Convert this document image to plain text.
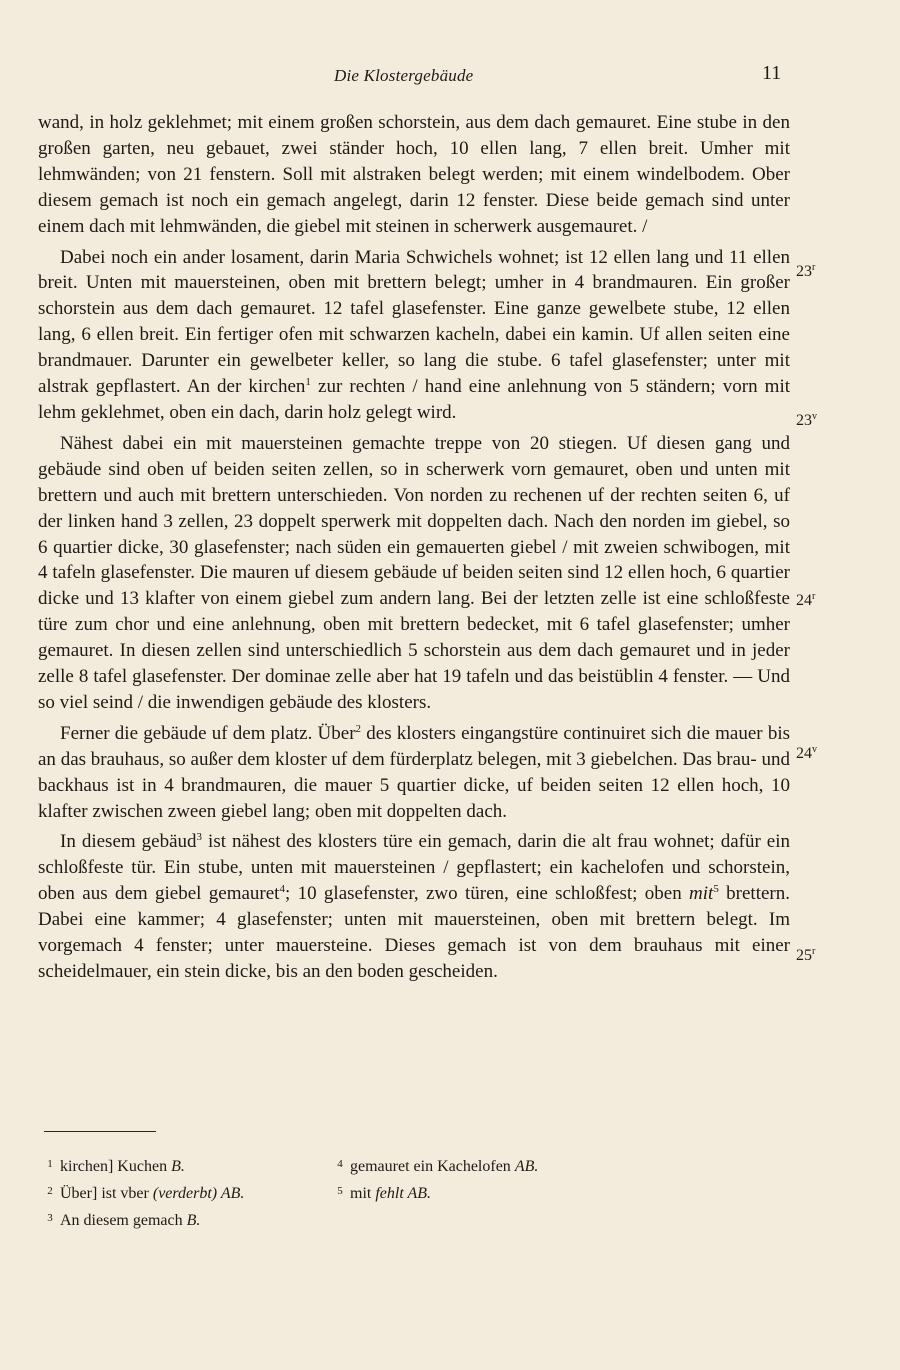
Die Klostergebäude	11

wand, in holz geklehmet; mit einem großen schorstein, aus dem dach gemauret. Eine stube in den großen garten, neu gebauet, zwei ständer hoch, 10 ellen lang, 7 ellen breit. Umher mit lehmwänden; von 21 fenstern. Soll mit alstraken belegt werden; mit einem windelbodem. Ober diesem gemach ist noch ein gemach angelegt, darin 12 fenster. Diese beide gemach sind unter einem dach mit lehmwänden, die giebel mit steinen in scherwerk ausgemauret. /

Dabei noch ein ander losament, darin Maria Schwichels wohnet; ist 12 ellen lang und 11 ellen breit. Unten mit mauersteinen, oben mit brettern belegt; umher in 4 brandmauren. Ein großer schorstein aus dem dach gemauret. 12 tafel glasefenster. Eine ganze gewelbete stube, 12 ellen lang, 6 ellen breit. Ein fertiger ofen mit schwarzen kacheln, dabei ein kamin. Uf allen seiten eine brandmauer. Darunter ein gewelbeter keller, so lang die stube. 6 tafel glasefenster; unter mit alstrak gepflastert. An der kirchen$^1$ zur rechten / hand eine anlehnung von 5 ständern; vorn mit lehm geklehmet, oben ein dach, darin holz gelegt wird.

Nähest dabei ein mit mauersteinen gemachte treppe von 20 stiegen. Uf diesen gang und gebäude sind oben uf beiden seiten zellen, so in scherwerk vorn gemauret, oben und unten mit brettern und auch mit brettern unterschieden. Von norden zu rechenen uf der rechten seiten 6, uf der linken hand 3 zellen, 23 doppelt sperwerk mit doppelten dach. Nach den norden im giebel, so 6 quartier dicke, 30 glasefenster; nach süden ein gemauerten giebel / mit zweien schwibogen, mit 4 tafeln glasefenster. Die mauren uf diesem gebäude uf beiden seiten sind 12 ellen hoch, 6 quartier dicke und 13 klafter von einem giebel zum andern lang. Bei der letzten zelle ist eine schloßfeste türe zum chor und eine anlehnung, oben mit brettern bedecket, mit 6 tafel glasefenster; umher gemauret. In diesen zellen sind unterschiedlich 5 schorstein aus dem dach gemauret und in jeder zelle 8 tafel glasefenster. Der dominae zelle aber hat 19 tafeln und das beistüblin 4 fenster. — Und so viel seind / die inwendigen gebäude des klosters.

Ferner die gebäude uf dem platz. Über$^2$ des klosters eingangstüre continuiret sich die mauer bis an das brauhaus, so außer dem kloster uf dem fürderplatz belegen, mit 3 giebelchen. Das brau- und backhaus ist in 4 brandmauren, die mauer 5 quartier dicke, uf beiden seiten 12 ellen hoch, 10 klafter zwischen zween giebel lang; oben mit doppelten dach.

In diesem gebäud$^3$ ist nähest des klosters türe ein gemach, darin die alt frau wohnet; dafür ein schloßfeste tür. Ein stube, unten mit mauersteinen / gepflastert; ein kachelofen und schorstein, oben aus dem giebel gemauret$^4$; 10 glasefenster, zwo türen, eine schloßfest; oben mit$^5$ brettern. Dabei eine kammer; 4 glasefenster; unten mit mauersteinen, oben mit brettern belegt. Im vorgemach 4 fenster; unter mauersteine. Dieses gemach ist von dem brauhaus mit einer scheidelmauer, ein stein dicke, bis an den boden gescheiden.

23$^r$
23$^v$
24$^r$
24$^v$
25$^r$
1 kirchen] Kuchen B.
2 Über] ist vber (verderbt) AB.
3 An diesem gemach B.
4 gemauret ein Kachelofen AB.
5 mit fehlt AB.
